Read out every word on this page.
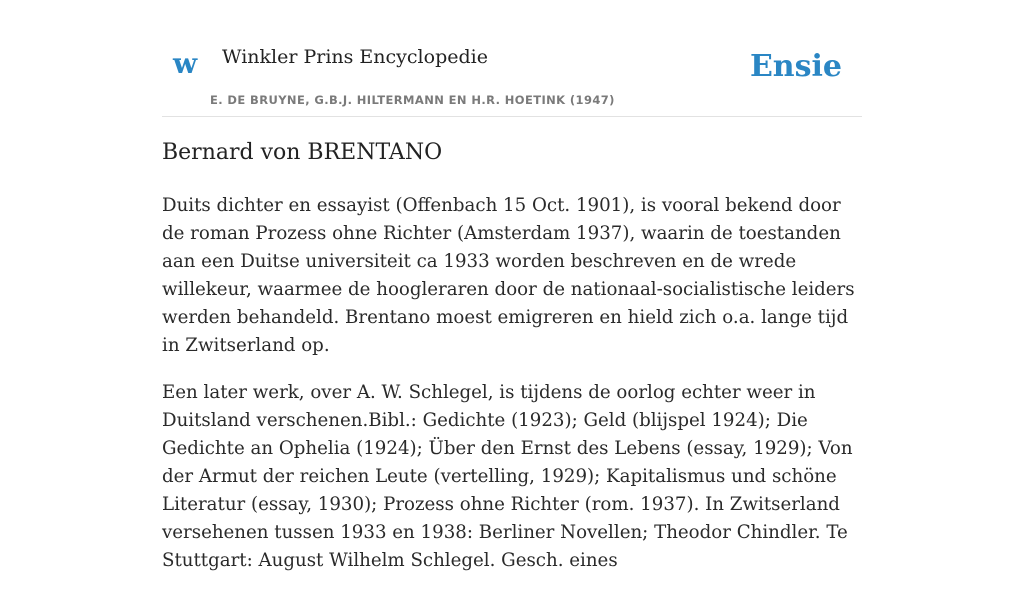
w Winkler Prins Encyclopedie
E. DE BRUYNE, G.B.J. HILTERMANN EN H.R. HOETINK (1947)
Ensie
Bernard von BRENTANO

Duits dichter en essayist (Offenbach 15 Oct. 1901), is vooral bekend door de roman Prozess ohne Richter (Amsterdam 1937), waarin de toestanden aan een Duitse universiteit ca 1933 worden beschreven en de wrede willekeur, waarmee de hoogleraren door de nationaal-socialistische leiders werden behandeld. Brentano moest emigreren en hield zich o.a. lange tijd in Zwitserland op.

Een later werk, over A. W. Schlegel, is tijdens de oorlog echter weer in Duitsland verschenen.Bibl.: Gedichte (1923); Geld (blijspel 1924); Die Gedichte an Ophelia (1924); Über den Ernst des Lebens (essay, 1929); Von der Armut der reichen Leute (vertelling, 1929); Kapitalismus und schöne Literatur (essay, 1930); Prozess ohne Richter (rom. 1937). In Zwitserland versehenen tussen 1933 en 1938: Berliner Novellen; Theodor Chindler. Te Stuttgart: August Wilhelm Schlegel. Gesch. eines
